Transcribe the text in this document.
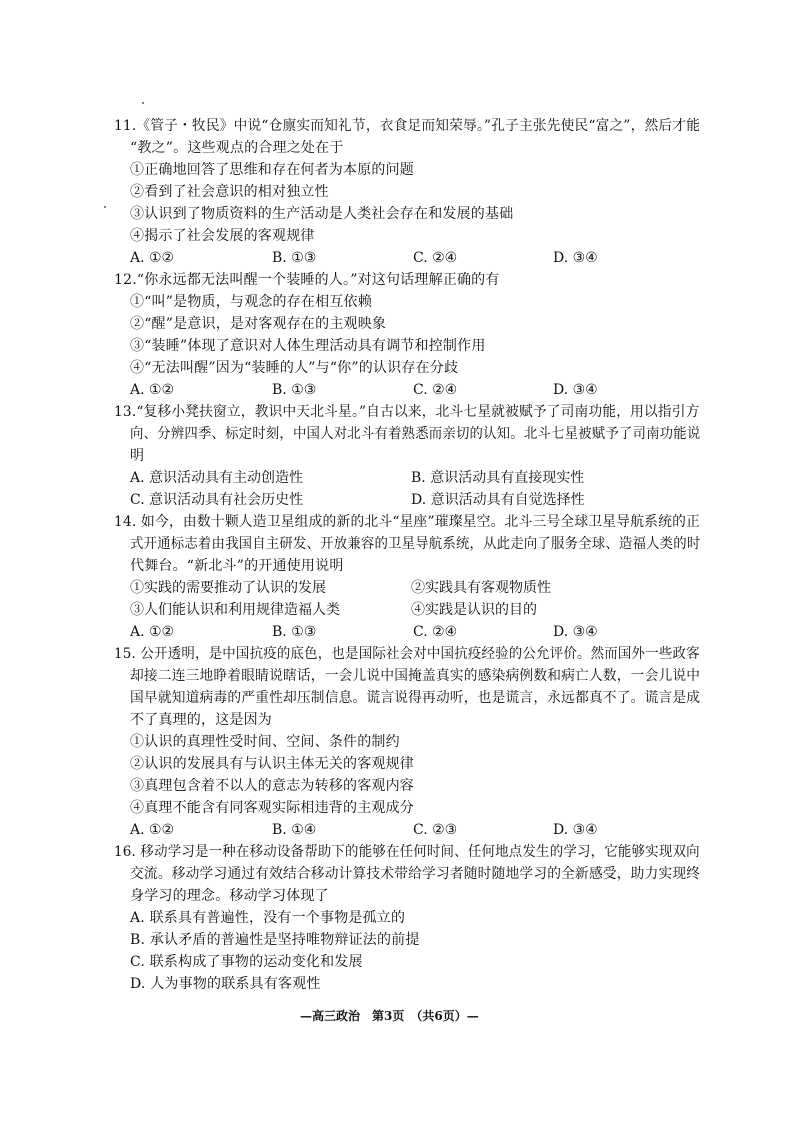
11.《管子・牧民》中说“仓廪实而知礼节，衣食足而知荣辱。”孔子主张先使民“富之”，然后才能
“教之”。这些观点的合理之处在于
①正确地回答了思维和存在何者为本原的问题
②看到了社会意识的相对独立性
③认识到了物质资料的生产活动是人类社会存在和发展的基础
④揭示了社会发展的客观规律
A. ①②	B. ①③	C. ②④	D. ③④
12.“你永远都无法叫醒一个装睡的人。”对这句话理解正确的有
①“叫”是物质，与观念的存在相互依赖
②“醒”是意识，是对客观存在的主观映象
③“装睡”体现了意识对人体生理活动具有调节和控制作用
④“无法叫醒”因为“装睡的人”与“你”的认识存在分歧
A. ①②	B. ①③	C. ②④	D. ③④
13.“复移小凳扶窗立，教识中天北斗星。”自古以来，北斗七星就被赋予了司南功能，用以指引方
向、分辨四季、标定时刻，中国人对北斗有着熟悉而亲切的认知。北斗七星被赋予了司南功能说
明
A. 意识活动具有主动创造性	B. 意识活动具有直接现实性
C. 意识活动具有社会历史性	D. 意识活动具有自觉选择性
14. 如今，由数十颗人造卫星组成的新的北斗“星座”璀璨星空。北斗三号全球卫星导航系统的正
式开通标志着由我国自主研发、开放兼容的卫星导航系统，从此走向了服务全球、造福人类的时
代舞台。“新北斗”的开通使用说明
①实践的需要推动了认识的发展	②实践具有客观物质性
③人们能认识和利用规律造福人类	④实践是认识的目的
A. ①②	B. ①③	C. ②④	D. ③④
15. 公开透明，是中国抗疫的底色，也是国际社会对中国抗疫经验的公允评价。然而国外一些政客
却接二连三地睁着眼睛说瞎话，一会儿说中国掩盖真实的感染病例数和病亡人数，一会儿说中
国早就知道病毒的严重性却压制信息。谎言说得再动听，也是谎言，永远都真不了。谎言是成
不了真理的，这是因为
①认识的真理性受时间、空间、条件的制约
②认识的发展具有与认识主体无关的客观规律
③真理包含着不以人的意志为转移的客观内容
④真理不能含有同客观实际相违背的主观成分
A. ①②	B. ①④	C. ②③	D. ③④
16. 移动学习是一种在移动设备帮助下的能够在任何时间、任何地点发生的学习，它能够实现双向
交流。移动学习通过有效结合移动计算技术带给学习者随时随地学习的全新感受，助力实现终
身学习的理念。移动学习体现了
A. 联系具有普遍性，没有一个事物是孤立的
B. 承认矛盾的普遍性是坚持唯物辩证法的前提
C. 联系构成了事物的运动变化和发展
D. 人为事物的联系具有客观性
—高三政治　第3页　（共6页）—
